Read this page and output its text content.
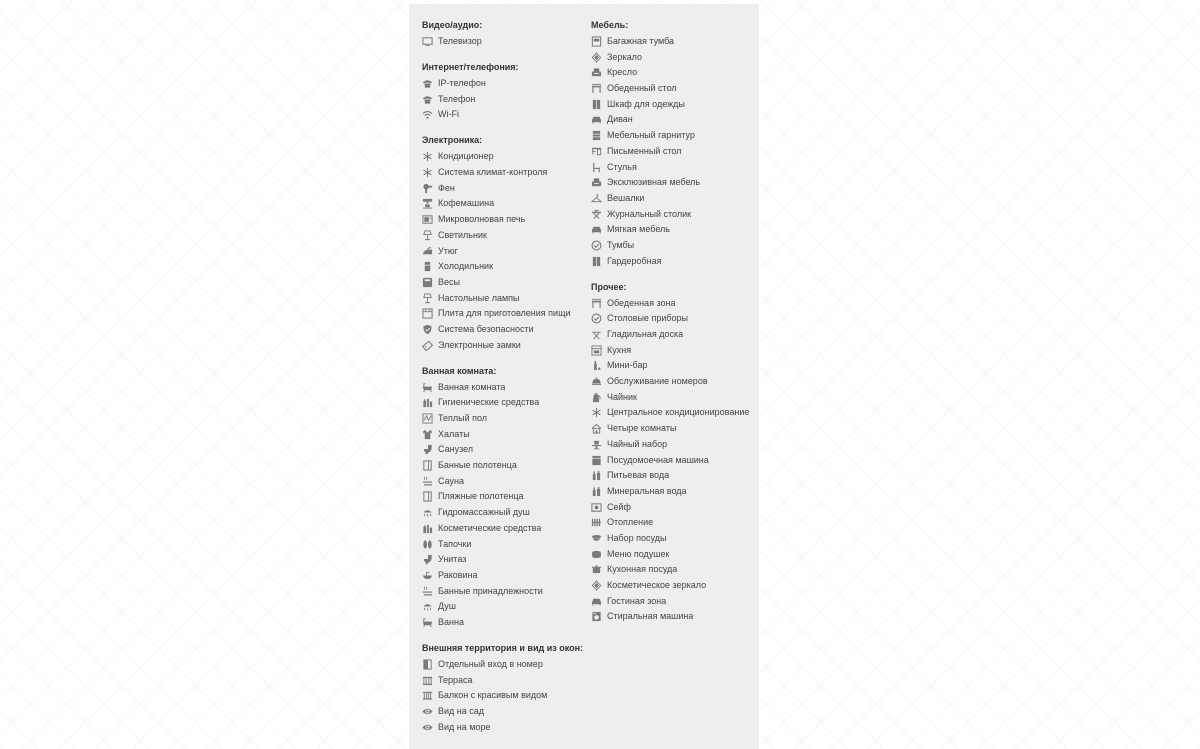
Видео/аудио:
Телевизор
Интернет/телефония:
IP-телефон
Телефон
Wi-Fi
Электроника:
Кондиционер
Система климат-контроля
Фен
Кофемашина
Микроволновая печь
Светильник
Утюг
Холодильник
Весы
Настольные лампы
Плита для приготовления пищи
Система безопасности
Электронные замки
Ванная комната:
Ванная комната
Гигиенические средства
Теплый пол
Халаты
Санузел
Банные полотенца
Сауна
Пляжные полотенца
Гидромассажный душ
Косметические средства
Тапочки
Унитаз
Раковина
Банные принадлежности
Душ
Ванна
Внешняя территория и вид из окон:
Отдельный вход в номер
Терраса
Балкон с красивым видом
Вид на сад
Вид на море
Мебель:
Багажная тумба
Зеркало
Кресло
Обеденный стол
Шкаф для одежды
Диван
Мебельный гарнитур
Письменный стол
Стулья
Эксклюзивная мебель
Вешалки
Журнальный столик
Мягкая мебель
Тумбы
Гардеробная
Прочее:
Обеденная зона
Столовые приборы
Гладильная доска
Кухня
Мини-бар
Обслуживание номеров
Чайник
Центральное кондиционирование
Четыре комнаты
Чайный набор
Посудомоечная машина
Питьевая вода
Минеральная вода
Сейф
Отопление
Набор посуды
Меню подушек
Кухонная посуда
Косметическое зеркало
Гостиная зона
Стиральная машина
